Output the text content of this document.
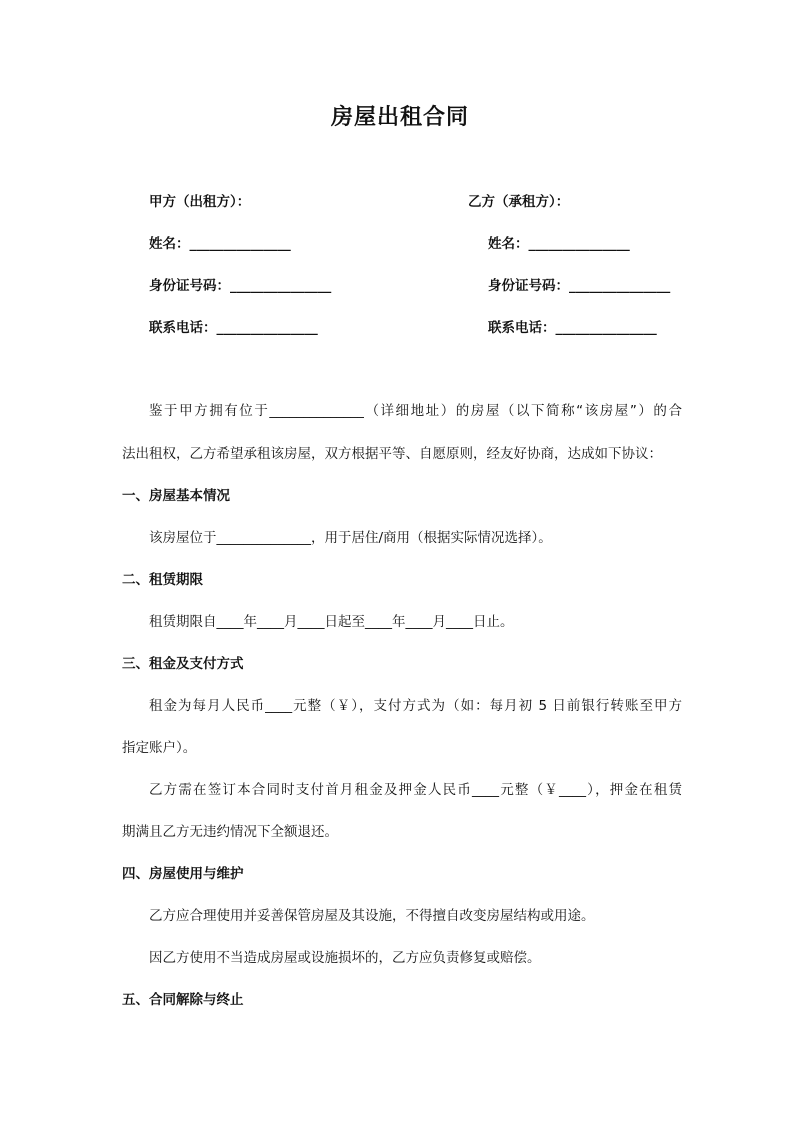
房屋出租合同
甲方（出租方）：
姓名：_______________
身份证号码：_______________
联系电话：_______________
乙方（承租方）：
姓名：_______________
身份证号码：_______________
联系电话：_______________
鉴于甲方拥有位于______________（详细地址）的房屋（以下简称“该房屋”）的合
法出租权，乙方希望承租该房屋，双方根据平等、自愿原则，经友好协商，达成如下协议：
一、房屋基本情况
该房屋位于______________，用于居住/商用（根据实际情况选择）。
二、租赁期限
租赁期限自____年____月____日起至____年____月____日止。
三、租金及支付方式
租金为每月人民币____元整（￥），支付方式为（如：每月初 5 日前银行转账至甲方
指定账户）。
乙方需在签订本合同时支付首月租金及押金人民币____元整（￥____），押金在租赁
期满且乙方无违约情况下全额退还。
四、房屋使用与维护
乙方应合理使用并妥善保管房屋及其设施，不得擅自改变房屋结构或用途。
因乙方使用不当造成房屋或设施损坏的，乙方应负责修复或赔偿。
五、合同解除与终止
